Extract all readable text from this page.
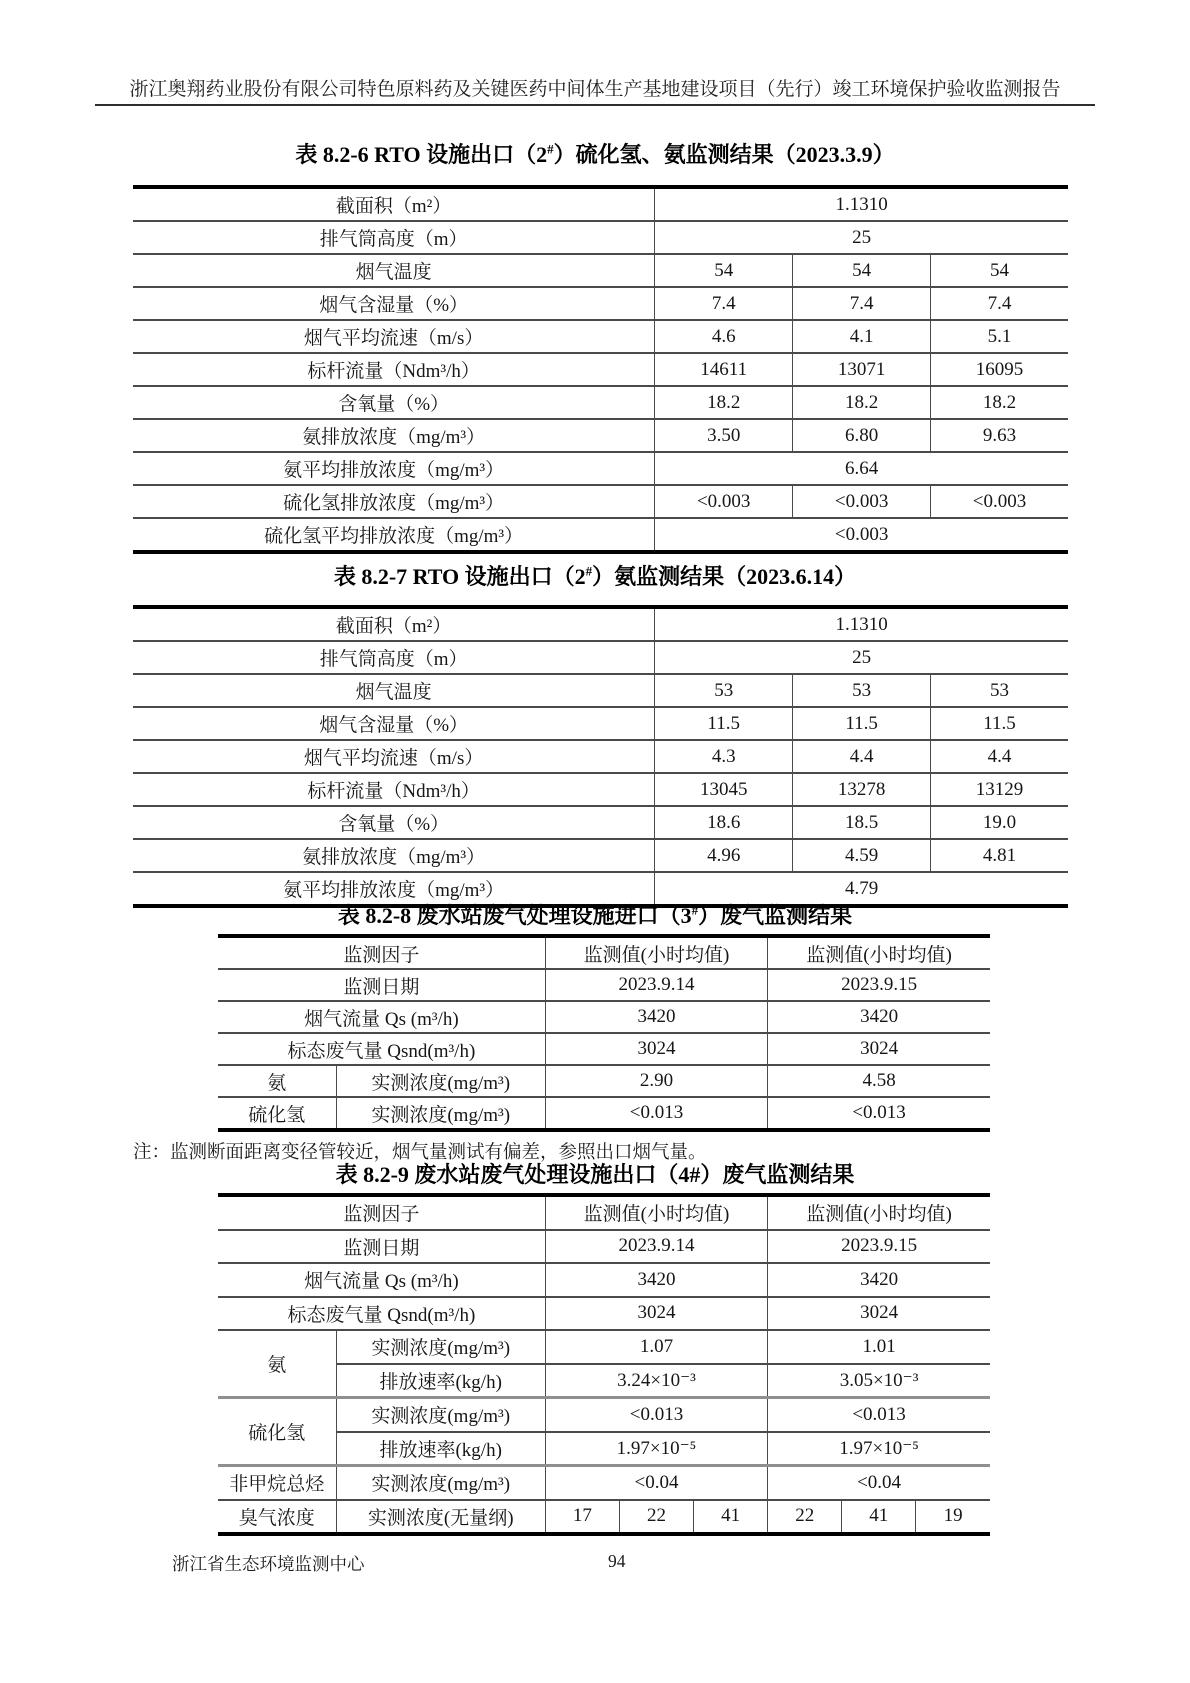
浙江奥翔药业股份有限公司特色原料药及关键医药中间体生产基地建设项目（先行）竣工环境保护验收监测报告
表 8.2-6 RTO 设施出口（2#）硫化氢、氨监测结果（2023.3.9）
截面积（m²）	1.1310		
排气筒高度（m）	25		
烟气温度	54	54	54
烟气含湿量（%）	7.4	7.4	7.4
烟气平均流速（m/s）	4.6	4.1	5.1
标杆流量（Ndm³/h）	14611	13071	16095
含氧量（%）	18.2	18.2	18.2
氨排放浓度（mg/m³）	3.50	6.80	9.63
氨平均排放浓度（mg/m³）	6.64		
硫化氢排放浓度（mg/m³）	<0.003	<0.003	<0.003
硫化氢平均排放浓度（mg/m³）	<0.003		
表 8.2-7 RTO 设施出口（2#）氨监测结果（2023.6.14）
截面积（m²）	1.1310		
排气筒高度（m）	25		
烟气温度	53	53	53
烟气含湿量（%）	11.5	11.5	11.5
烟气平均流速（m/s）	4.3	4.4	4.4
标杆流量（Ndm³/h）	13045	13278	13129
含氧量（%）	18.6	18.5	19.0
氨排放浓度（mg/m³）	4.96	4.59	4.81
氨平均排放浓度（mg/m³）	4.79		
表 8.2-8 废水站废气处理设施进口（3#）废气监测结果
监测因子		监测值(小时均值)	监测值(小时均值)
监测日期		2023.9.14	2023.9.15
烟气流量 Qs (m³/h)		3420	3420
标态废气量 Qsnd(m³/h)		3024	3024
氨	实测浓度(mg/m³)	2.90	4.58
硫化氢	实测浓度(mg/m³)	<0.013	<0.013
注：监测断面距离变径管较近，烟气量测试有偏差，参照出口烟气量。
表 8.2-9 废水站废气处理设施出口（4#）废气监测结果
监测因子		监测值(小时均值)			监测值(小时均值)		
监测日期		2023.9.14			2023.9.15		
烟气流量 Qs (m³/h)		3420			3420		
标态废气量 Qsnd(m³/h)		3024			3024		
氨	实测浓度(mg/m³)	1.07			1.01		
	排放速率(kg/h)	3.24×10⁻³			3.05×10⁻³		
硫化氢	实测浓度(mg/m³)	<0.013			<0.013		
	排放速率(kg/h)	1.97×10⁻⁵			1.97×10⁻⁵		
非甲烷总烃	实测浓度(mg/m³)	<0.04			<0.04		
臭气浓度	实测浓度(无量纲)	17	22	41	22	41	19
浙江省生态环境监测中心	94
